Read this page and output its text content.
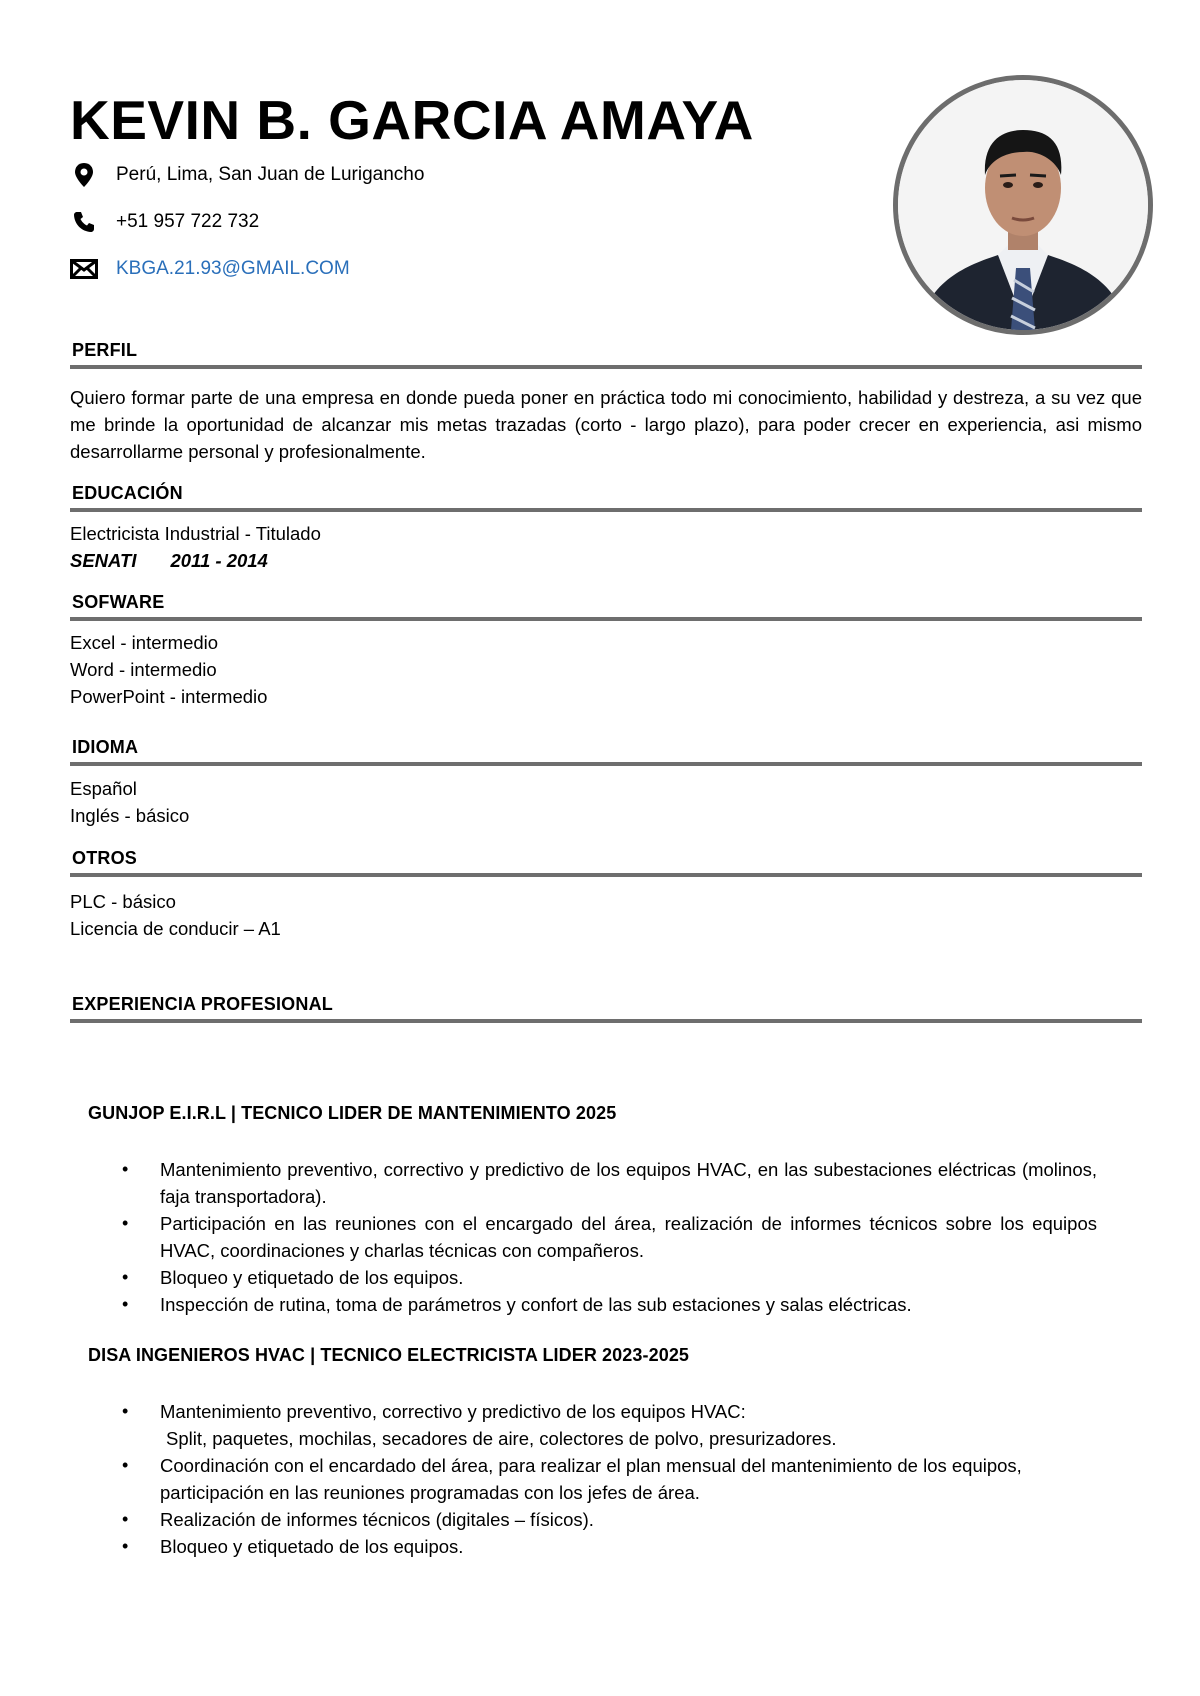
KEVIN B. GARCIA AMAYA
Perú, Lima, San Juan de Lurigancho
+51 957 722 732
KBGA.21.93@GMAIL.COM
PERFIL

Quiero formar parte de una empresa en donde pueda poner en práctica todo mi conocimiento, habilidad y destreza, a su vez que me brinde la oportunidad de alcanzar mis metas trazadas (corto - largo plazo), para poder crecer en experiencia, asi mismo desarrollarme personal y profesionalmente.

EDUCACIÓN
Electricista Industrial - Titulado
SENATI 2011 - 2014
SOFWARE
Excel - intermedio
Word - intermedio
PowerPoint - intermedio
IDIOMA
Español
Inglés - básico
OTROS
PLC - básico
Licencia de conducir – A1
EXPERIENCIA PROFESIONAL
GUNJOP E.I.R.L | TECNICO LIDER DE MANTENIMIENTO 2025
• Mantenimiento preventivo, correctivo y predictivo de los equipos HVAC, en las subestaciones eléctricas (molinos, faja transportadora).
• Participación en las reuniones con el encargado del área, realización de informes técnicos sobre los equipos HVAC, coordinaciones y charlas técnicas con compañeros.
• Bloqueo y etiquetado de los equipos.
• Inspección de rutina, toma de parámetros y confort de las sub estaciones y salas eléctricas.
DISA INGENIEROS HVAC | TECNICO ELECTRICISTA LIDER 2023-2025
• Mantenimiento preventivo, correctivo y predictivo de los equipos HVAC:
Split, paquetes, mochilas, secadores de aire, colectores de polvo, presurizadores.
• Coordinación con el encardado del área, para realizar el plan mensual del mantenimiento de los equipos, participación en las reuniones programadas con los jefes de área.
• Realización de informes técnicos (digitales – físicos).
• Bloqueo y etiquetado de los equipos.
